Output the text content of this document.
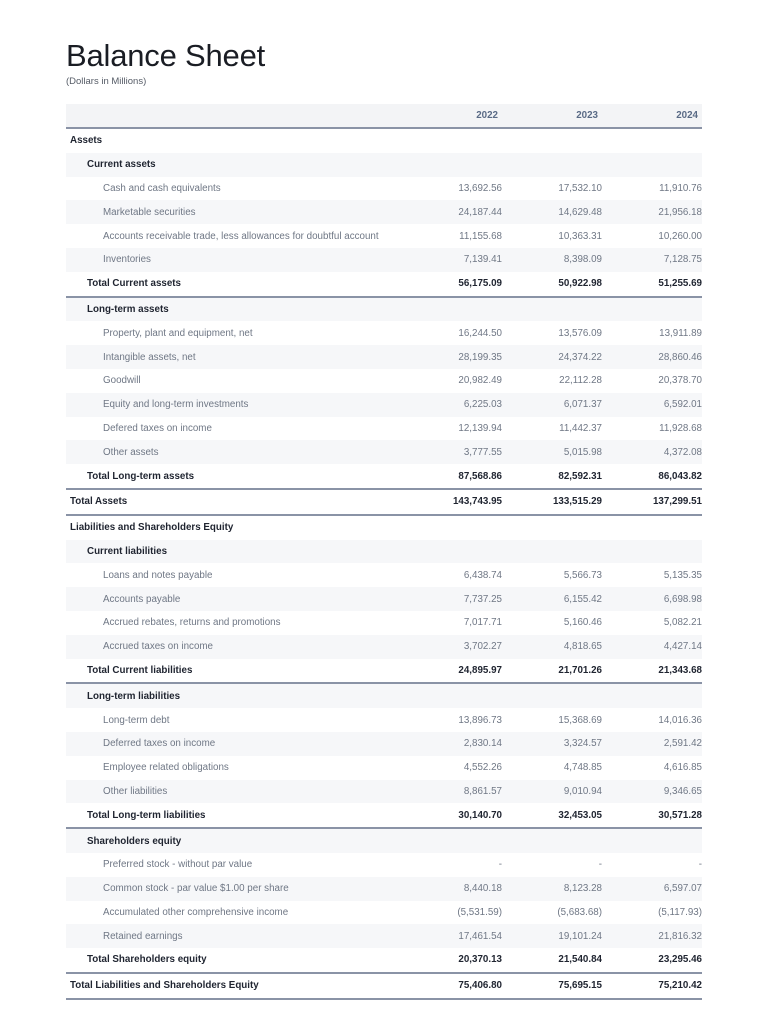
Balance Sheet
(Dollars in Millions)
	2022	2023	2024
Assets			
Current assets			
Cash and cash equivalents	13,692.56	17,532.10	11,910.76
Marketable securities	24,187.44	14,629.48	21,956.18
Accounts receivable trade, less allowances for doubtful account	11,155.68	10,363.31	10,260.00
Inventories	7,139.41	8,398.09	7,128.75
Total Current assets	56,175.09	50,922.98	51,255.69
Long-term assets			
Property, plant and equipment, net	16,244.50	13,576.09	13,911.89
Intangible assets, net	28,199.35	24,374.22	28,860.46
Goodwill	20,982.49	22,112.28	20,378.70
Equity and long-term investments	6,225.03	6,071.37	6,592.01
Defered taxes on income	12,139.94	11,442.37	11,928.68
Other assets	3,777.55	5,015.98	4,372.08
Total Long-term assets	87,568.86	82,592.31	86,043.82
Total Assets	143,743.95	133,515.29	137,299.51
Liabilities and Shareholders Equity			
Current liabilities			
Loans and notes payable	6,438.74	5,566.73	5,135.35
Accounts payable	7,737.25	6,155.42	6,698.98
Accrued rebates, returns and promotions	7,017.71	5,160.46	5,082.21
Accrued taxes on income	3,702.27	4,818.65	4,427.14
Total Current liabilities	24,895.97	21,701.26	21,343.68
Long-term liabilities			
Long-term debt	13,896.73	15,368.69	14,016.36
Deferred taxes on income	2,830.14	3,324.57	2,591.42
Employee related obligations	4,552.26	4,748.85	4,616.85
Other liabilities	8,861.57	9,010.94	9,346.65
Total Long-term liabilities	30,140.70	32,453.05	30,571.28
Shareholders equity			
Preferred stock - without par value	-	-	-
Common stock - par value $1.00 per share	8,440.18	8,123.28	6,597.07
Accumulated other comprehensive income	(5,531.59)	(5,683.68)	(5,117.93)
Retained earnings	17,461.54	19,101.24	21,816.32
Total Shareholders equity	20,370.13	21,540.84	23,295.46
Total Liabilities and Shareholders Equity	75,406.80	75,695.15	75,210.42
